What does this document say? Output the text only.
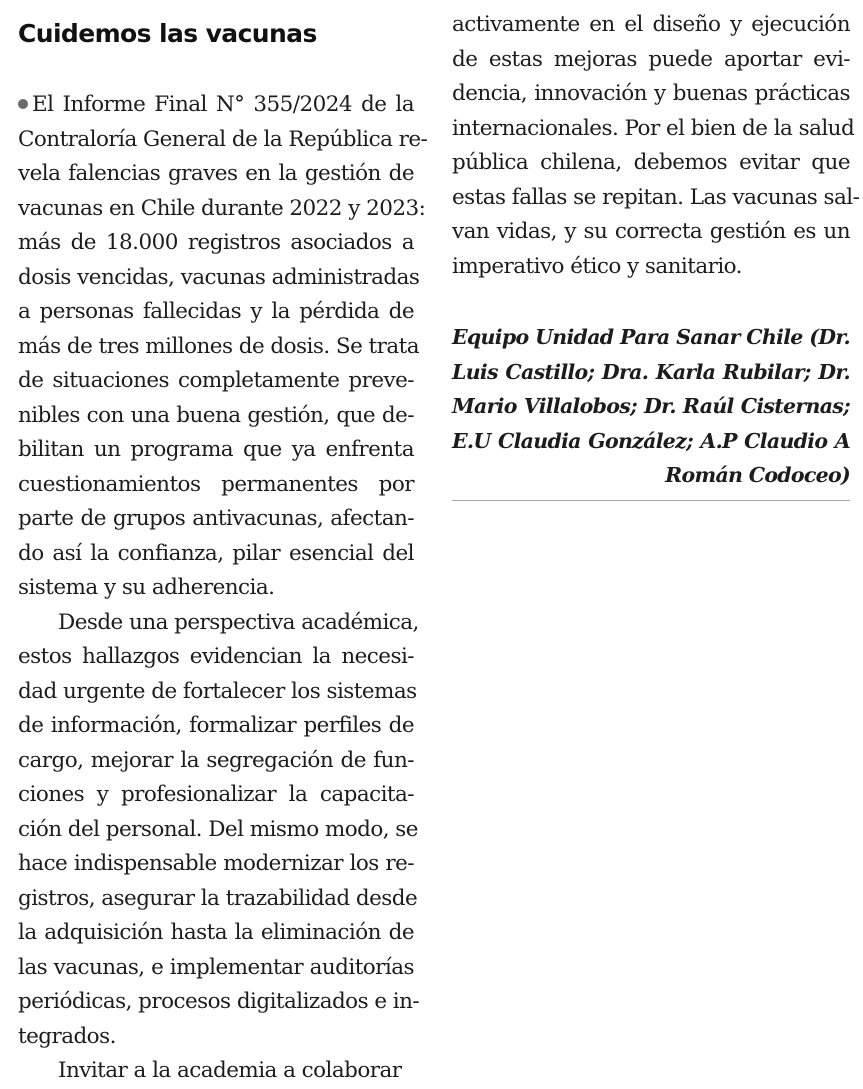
Cuidemos las vacunas
El Informe Final N° 355/2024 de la
Contraloría General de la República re-
vela falencias graves en la gestión de
vacunas en Chile durante 2022 y 2023:
más de 18.000 registros asociados a
dosis vencidas, vacunas administradas
a personas fallecidas y la pérdida de
más de tres millones de dosis. Se trata
de situaciones completamente preve-
nibles con una buena gestión, que de-
bilitan un programa que ya enfrenta
cuestionamientos permanentes por
parte de grupos antivacunas, afectan-
do así la confianza, pilar esencial del
sistema y su adherencia.
Desde una perspectiva académica,
estos hallazgos evidencian la necesi-
dad urgente de fortalecer los sistemas
de información, formalizar perfiles de
cargo, mejorar la segregación de fun-
ciones y profesionalizar la capacita-
ción del personal. Del mismo modo, se
hace indispensable modernizar los re-
gistros, asegurar la trazabilidad desde
la adquisición hasta la eliminación de
las vacunas, e implementar auditorías
periódicas, procesos digitalizados e in-
tegrados.
Invitar a la academia a colaborar
activamente en el diseño y ejecución
de estas mejoras puede aportar evi-
dencia, innovación y buenas prácticas
internacionales. Por el bien de la salud
pública chilena, debemos evitar que
estas fallas se repitan. Las vacunas sal-
van vidas, y su correcta gestión es un
imperativo ético y sanitario.
Equipo Unidad Para Sanar Chile (Dr.
Luis Castillo; Dra. Karla Rubilar; Dr.
Mario Villalobos; Dr. Raúl Cisternas;
E.U Claudia González; A.P Claudio A
Román Codoceo)
